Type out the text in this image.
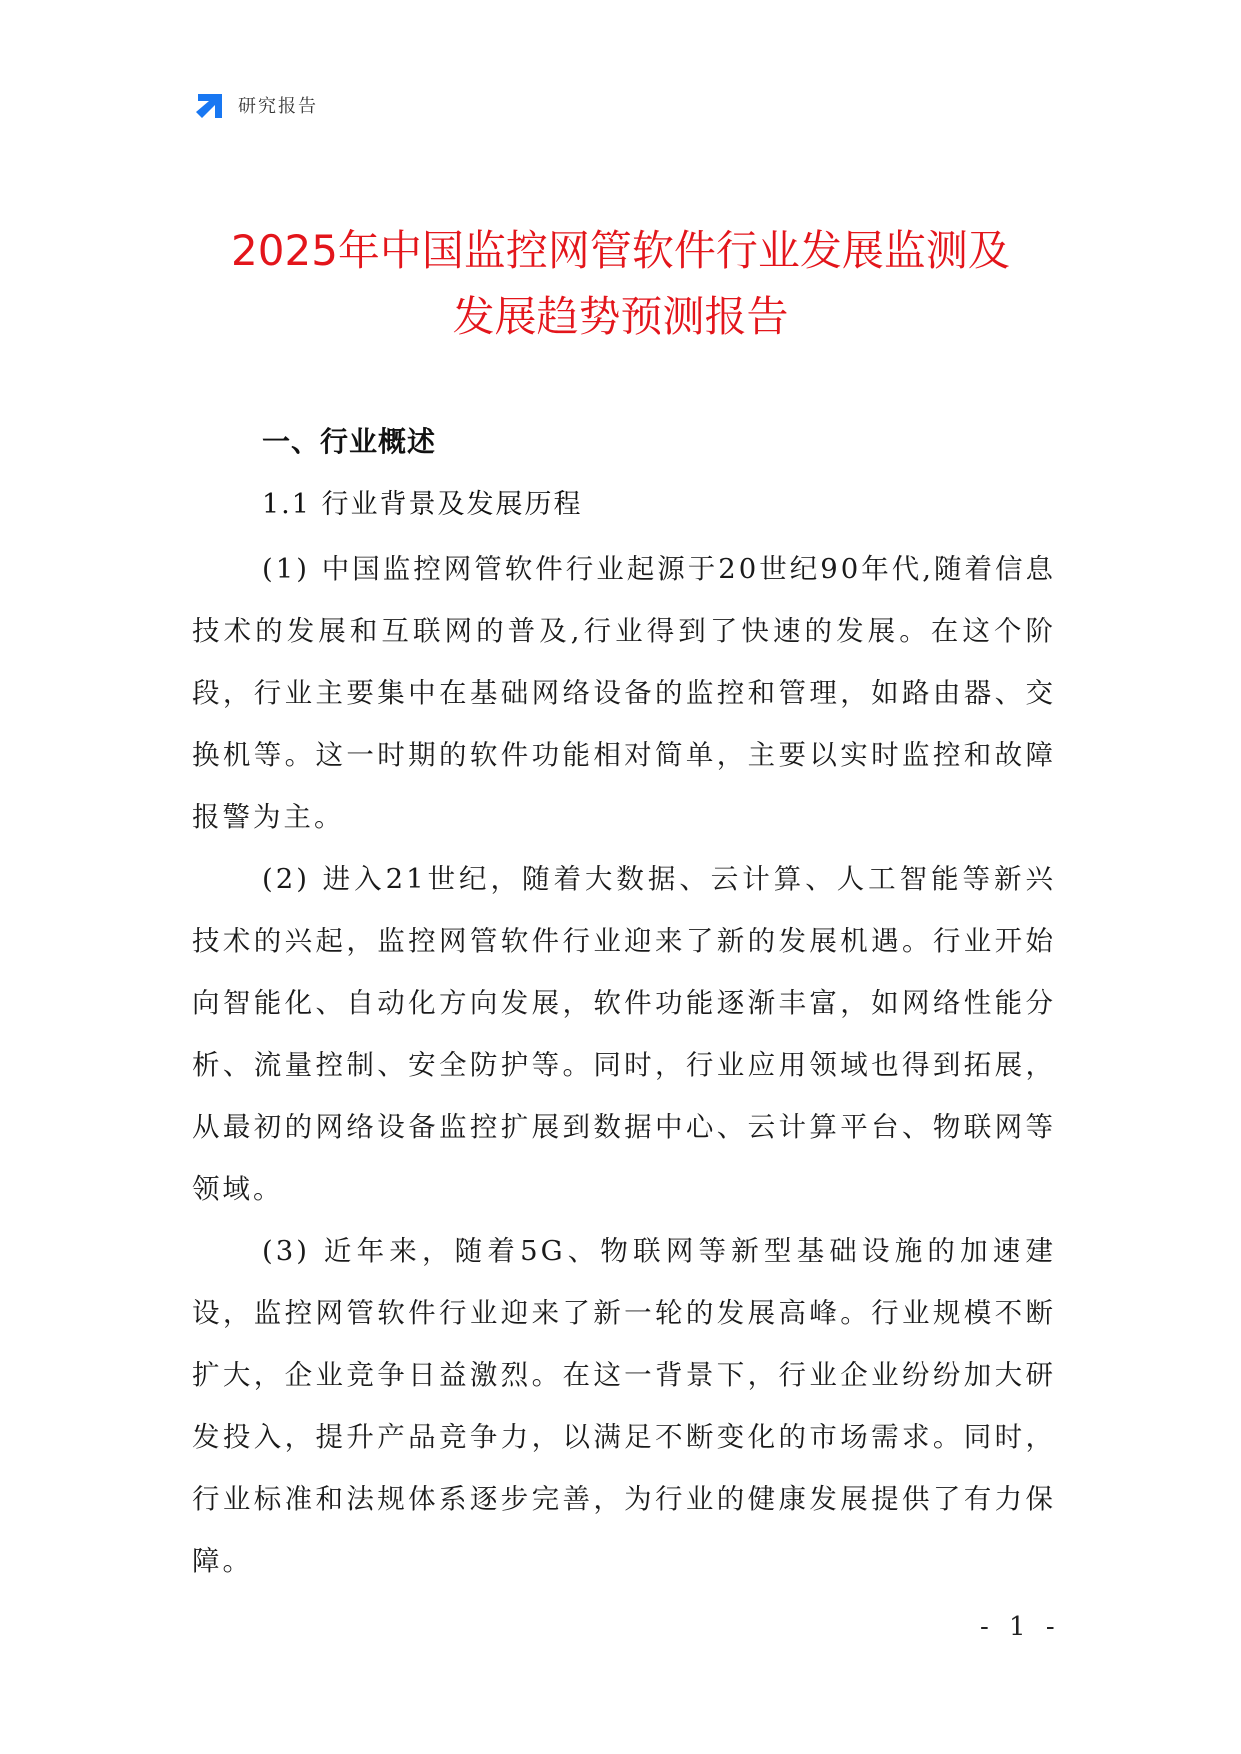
研究报告
2025年中国监控网管软件行业发展监测及
发展趋势预测报告
一、行业概述
1.1 行业背景及发展历程

(1) 中国监控网管软件行业起源于20世纪90年代,随着信息技术的发展和互联网的普及,行业得到了快速的发展。在这个阶段，行业主要集中在基础网络设备的监控和管理，如路由器、交换机等。这一时期的软件功能相对简单，主要以实时监控和故障报警为主。

(2) 进入21世纪，随着大数据、云计算、人工智能等新兴技术的兴起，监控网管软件行业迎来了新的发展机遇。行业开始向智能化、自动化方向发展，软件功能逐渐丰富，如网络性能分析、流量控制、安全防护等。同时，行业应用领域也得到拓展，从最初的网络设备监控扩展到数据中心、云计算平台、物联网等领域。

(3) 近年来，随着5G、物联网等新型基础设施的加速建设，监控网管软件行业迎来了新一轮的发展高峰。行业规模不断扩大，企业竞争日益激烈。在这一背景下，行业企业纷纷加大研发投入，提升产品竞争力，以满足不断变化的市场需求。同时，行业标准和法规体系逐步完善，为行业的健康发展提供了有力保障。

- 1 -
